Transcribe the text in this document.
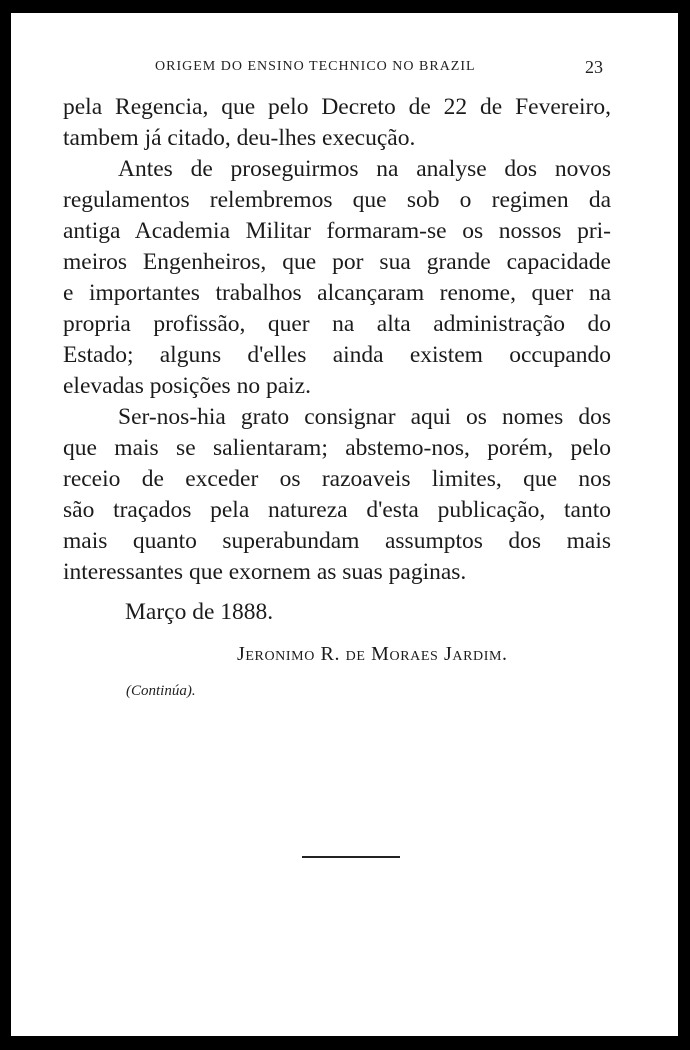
ORIGEM DO ENSINO TECHNICO NO BRAZIL	23
pela Regencia, que pelo Decreto de 22 de Fevereiro,
tambem já citado, deu-lhes execução.
Antes de proseguirmos na analyse dos novos
regulamentos relembremos que sob o regimen da
antiga Academia Militar formaram-se os nossos pri-
meiros Engenheiros, que por sua grande capacidade
e importantes trabalhos alcançaram renome, quer na
propria profissão, quer na alta administração do
Estado; alguns d'elles ainda existem occupando
elevadas posições no paiz.
Ser-nos-hia grato consignar aqui os nomes dos
que mais se salientaram; abstemo-nos, porém, pelo
receio de exceder os razoaveis limites, que nos
são traçados pela natureza d'esta publicação, tanto
mais quanto superabundam assumptos dos mais
interessantes que exornem as suas paginas.
Março de 1888.
Jeronimo R. de Moraes Jardim.
(Continúa).
